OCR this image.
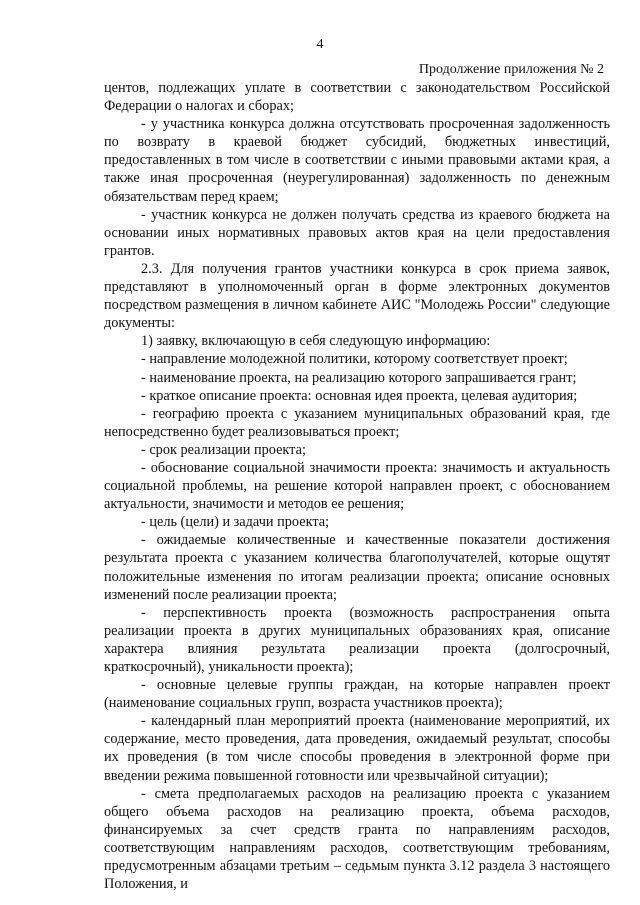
4
Продолжение приложения № 2

центов, подлежащих уплате в соответствии с законодательством Российской Федерации о налогах и сборах;

- у участника конкурса должна отсутствовать просроченная задолженность по возврату в краевой бюджет субсидий, бюджетных инвестиций, предоставленных в том числе в соответствии с иными правовыми актами края, а также иная просроченная (неурегулированная) задолженность по денежным обязательствам перед краем;

- участник конкурса не должен получать средства из краевого бюджета на основании иных нормативных правовых актов края на цели предоставления грантов.

2.3. Для получения грантов участники конкурса в срок приема заявок, представляют в уполномоченный орган в форме электронных документов посредством размещения в личном кабинете АИС "Молодежь России" следующие документы:

1) заявку, включающую в себя следующую информацию:

- направление молодежной политики, которому соответствует проект;

- наименование проекта, на реализацию которого запрашивается грант;

- краткое описание проекта: основная идея проекта, целевая аудитория;

- географию проекта с указанием муниципальных образований края, где непосредственно будет реализовываться проект;

- срок реализации проекта;

- обоснование социальной значимости проекта: значимость и актуальность социальной проблемы, на решение которой направлен проект, с обоснованием актуальности, значимости и методов ее решения;

- цель (цели) и задачи проекта;

- ожидаемые количественные и качественные показатели достижения результата проекта с указанием количества благополучателей, которые ощутят положительные изменения по итогам реализации проекта; описание основных изменений после реализации проекта;

- перспективность проекта (возможность распространения опыта реализации проекта в других муниципальных образованиях края, описание характера влияния результата реализации проекта (долгосрочный, краткосрочный), уникальности проекта);

- основные целевые группы граждан, на которые направлен проект (наименование социальных групп, возраста участников проекта);

- календарный план мероприятий проекта (наименование мероприятий, их содержание, место проведения, дата проведения, ожидаемый результат, способы их проведения (в том числе способы проведения в электронной форме при введении режима повышенной готовности или чрезвычайной ситуации);

- смета предполагаемых расходов на реализацию проекта с указанием общего объема расходов на реализацию проекта, объема расходов, финансируемых за счет средств гранта по направлениям расходов, соответствующим направлениям расходов, соответствующим требованиям, предусмотренным абзацами третьим – седьмым пункта 3.12 раздела 3 настоящего Положения, и
